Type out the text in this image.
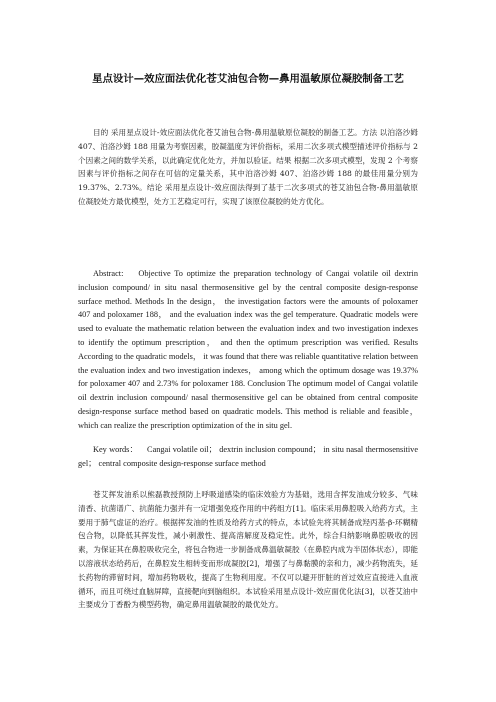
星点设计—效应面法优化苍艾油包合物—鼻用温敏原位凝胶制备工艺
目的 采用星点设计-效应面法优化苍艾油包合物-鼻用温敏原位凝胶的制备工艺。方法 以泊洛沙姆 407、泊洛沙姆 188 用量为考察因素，胶凝温度为评价指标，采用二次多项式模型描述评价指标与 2 个因素之间的数学关系，以此确定优化处方，并加以验证。结果 根据二次多项式模型，发现 2 个考察因素与评价指标之间存在可信的定量关系，其中泊洛沙姆 407、泊洛沙姆 188 的最佳用量分别为 19.37%、2.73%。结论 采用星点设计-效应面法得到了基于二次多项式的苍艾油包合物-鼻用温敏原位凝胶处方最优模型，处方工艺稳定可行，实现了该原位凝胶的处方优化。
Abstract: Objective To optimize the preparation technology of Cangai volatile oil dextrin inclusion compound/ in situ nasal thermosensitive gel by the central composite design-response surface method. Methods In the design， the investigation factors were the amounts of poloxamer 407 and poloxamer 188， and the evaluation index was the gel temperature. Quadratic models were used to evaluate the mathematic relation between the evaluation index and two investigation indexes to identify the optimum prescription， and then the optimum prescription was verified. Results According to the quadratic models， it was found that there was reliable quantitative relation between the evaluation index and two investigation indexes， among which the optimum dosage was 19.37% for poloxamer 407 and 2.73% for poloxamer 188. Conclusion The optimum model of Cangai volatile oil dextrin inclusion compound/ nasal thermosensitive gel can be obtained from central composite design-response surface method based on quadratic models. This method is reliable and feasible， which can realize the prescription optimization of the in situ gel.
Key words： Cangai volatile oil； dextrin inclusion compound； in situ nasal thermosensitive gel； central composite design-response surface method
苍艾挥发油系以熊磊教授预防上呼吸道感染的临床效验方为基础，选用含挥发油成分较多、气味清香、抗菌谱广、抗菌能力强并有一定增强免疫作用的中药组方[1]。临床采用鼻腔吸入给药方式，主要用于肺气虚证的治疗。根据挥发油的性质及给药方式的特点，本试验先将其制备成羟丙基-β-环糊精包合物，以降低其挥发性，减小刺激性、提高溶解度及稳定性。此外，综合归纳影响鼻腔吸收的因素，为保证其在鼻腔吸收完全，将包合物进一步制备成鼻温敏凝胶（在鼻腔内成为半固体状态），即能以溶液状态给药后，在鼻腔发生相转变而形成凝胶[2]，增强了与鼻黏膜的亲和力，减少药物流失，延长药物的滞留时间，增加药物吸收，提高了生物利用度。不仅可以避开肝脏的首过效应直接进入血液循环，而且可绕过血脑屏障，直接靶向到脑组织。本试验采用星点设计-效应面优化法[3]，以苍艾油中主要成分丁香酚为模型药物，确定鼻用温敏凝胶的最优处方。
